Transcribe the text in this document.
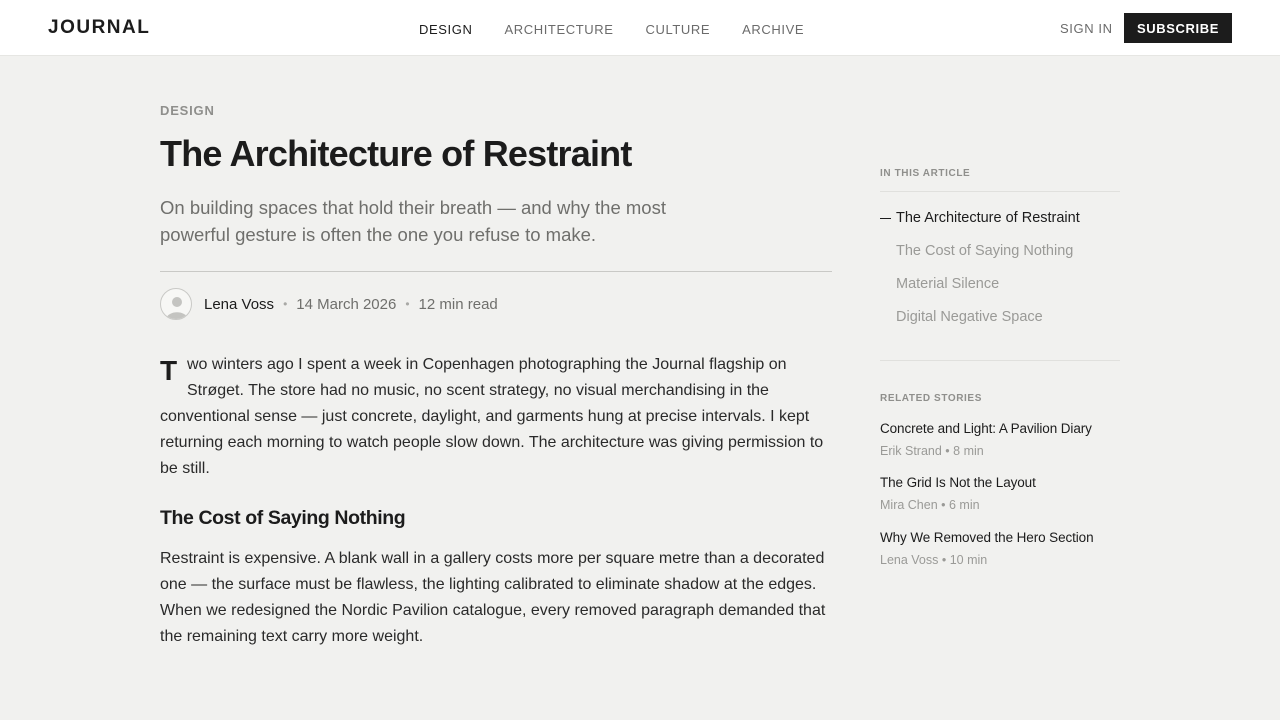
JOURNAL	DESIGN ARCHITECTURE CULTURE ARCHIVE	SIGN IN	SUBSCRIBE
DESIGN
The Architecture of Restraint

On building spaces that hold their breath — and why the most powerful gesture is often the one you refuse to make.

Lena Voss • 14 March 2026 • 12 min read
T wo winters ago I spent a week in Copenhagen photographing the Journal flagship on Strøget. The store had no music, no scent strategy, no visual merchandising in the conventional sense — just concrete, daylight, and garments hung at precise intervals. I kept returning each morning to watch people slow down. The architecture was giving permission to be still.
The Cost of Saying Nothing

Restraint is expensive. A blank wall in a gallery costs more per square metre than a decorated one — the surface must be flawless, the lighting calibrated to eliminate shadow at the edges. When we redesigned the Nordic Pavilion catalogue, every removed paragraph demanded that the remaining text carry more weight.

IN THIS ARTICLE
The Architecture of Restraint
The Cost of Saying Nothing
Material Silence
Digital Negative Space
RELATED STORIES
Concrete and Light: A Pavilion Diary
Erik Strand • 8 min
The Grid Is Not the Layout
Mira Chen • 6 min
Why We Removed the Hero Section
Lena Voss • 10 min
